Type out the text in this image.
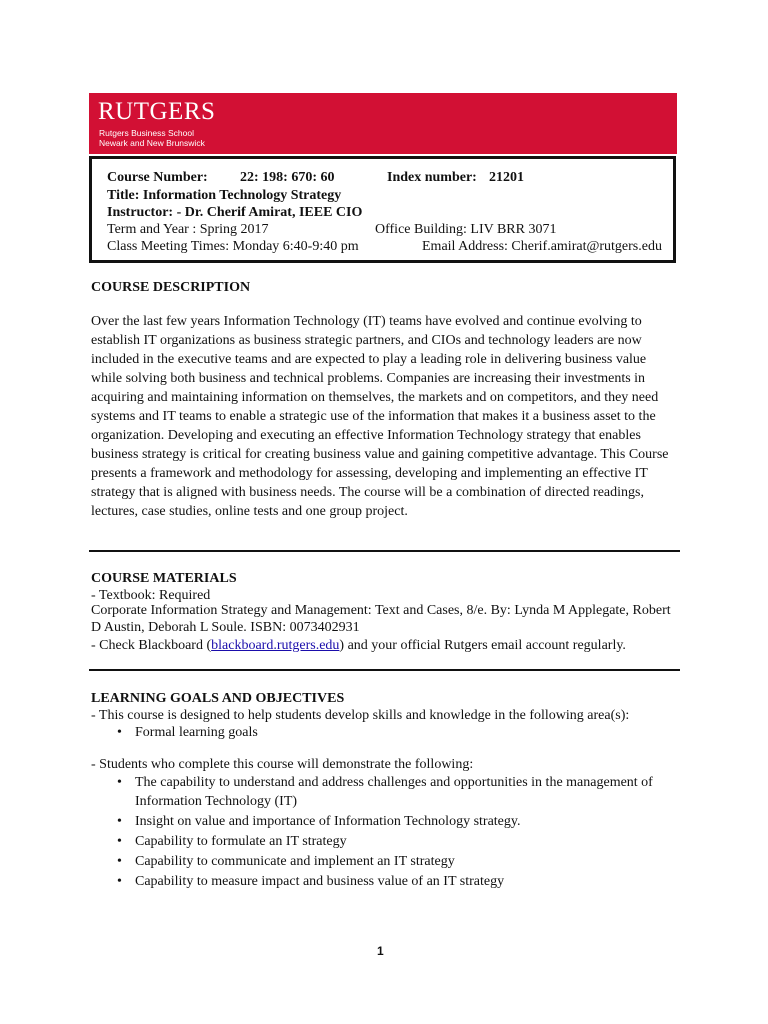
RUTGERS
Rutgers Business School
Newark and New Brunswick
Course Number: 22: 198: 670: 60	Index number: 21201
Title: Information Technology Strategy
Instructor: - Dr. Cherif Amirat, IEEE CIO
Term and Year : Spring 2017	Office Building: LIV BRR 3071
Class Meeting Times: Monday 6:40-9:40 pm	Email Address: Cherif.amirat@rutgers.edu
COURSE DESCRIPTION
Over the last few years Information Technology (IT) teams have evolved and continue evolving to establish IT organizations as business strategic partners, and CIOs and technology leaders are now included in the executive teams and are expected to play a leading role in delivering business value while solving both business and technical problems. Companies are increasing their investments in acquiring and maintaining information on themselves, the markets and on competitors, and they need systems and IT teams to enable a strategic use of the information that makes it a business asset to the organization. Developing and executing an effective Information Technology strategy that enables business strategy is critical for creating business value and gaining competitive advantage. This Course presents a framework and methodology for assessing, developing and implementing an effective IT strategy that is aligned with business needs. The course will be a combination of directed readings, lectures, case studies, online tests and one group project.
COURSE MATERIALS
- Textbook: Required
Corporate Information Strategy and Management: Text and Cases, 8/e. By: Lynda M Applegate, Robert D Austin, Deborah L Soule. ISBN: 0073402931
- Check Blackboard (blackboard.rutgers.edu) and your official Rutgers email account regularly.
LEARNING GOALS AND OBJECTIVES
- This course is designed to help students develop skills and knowledge in the following area(s):
• Formal learning goals
- Students who complete this course will demonstrate the following:
• The capability to understand and address challenges and opportunities in the management of Information Technology (IT)
• Insight on value and importance of Information Technology strategy.
• Capability to formulate an IT strategy
• Capability to communicate and implement an IT strategy
• Capability to measure impact and business value of an IT strategy
1
